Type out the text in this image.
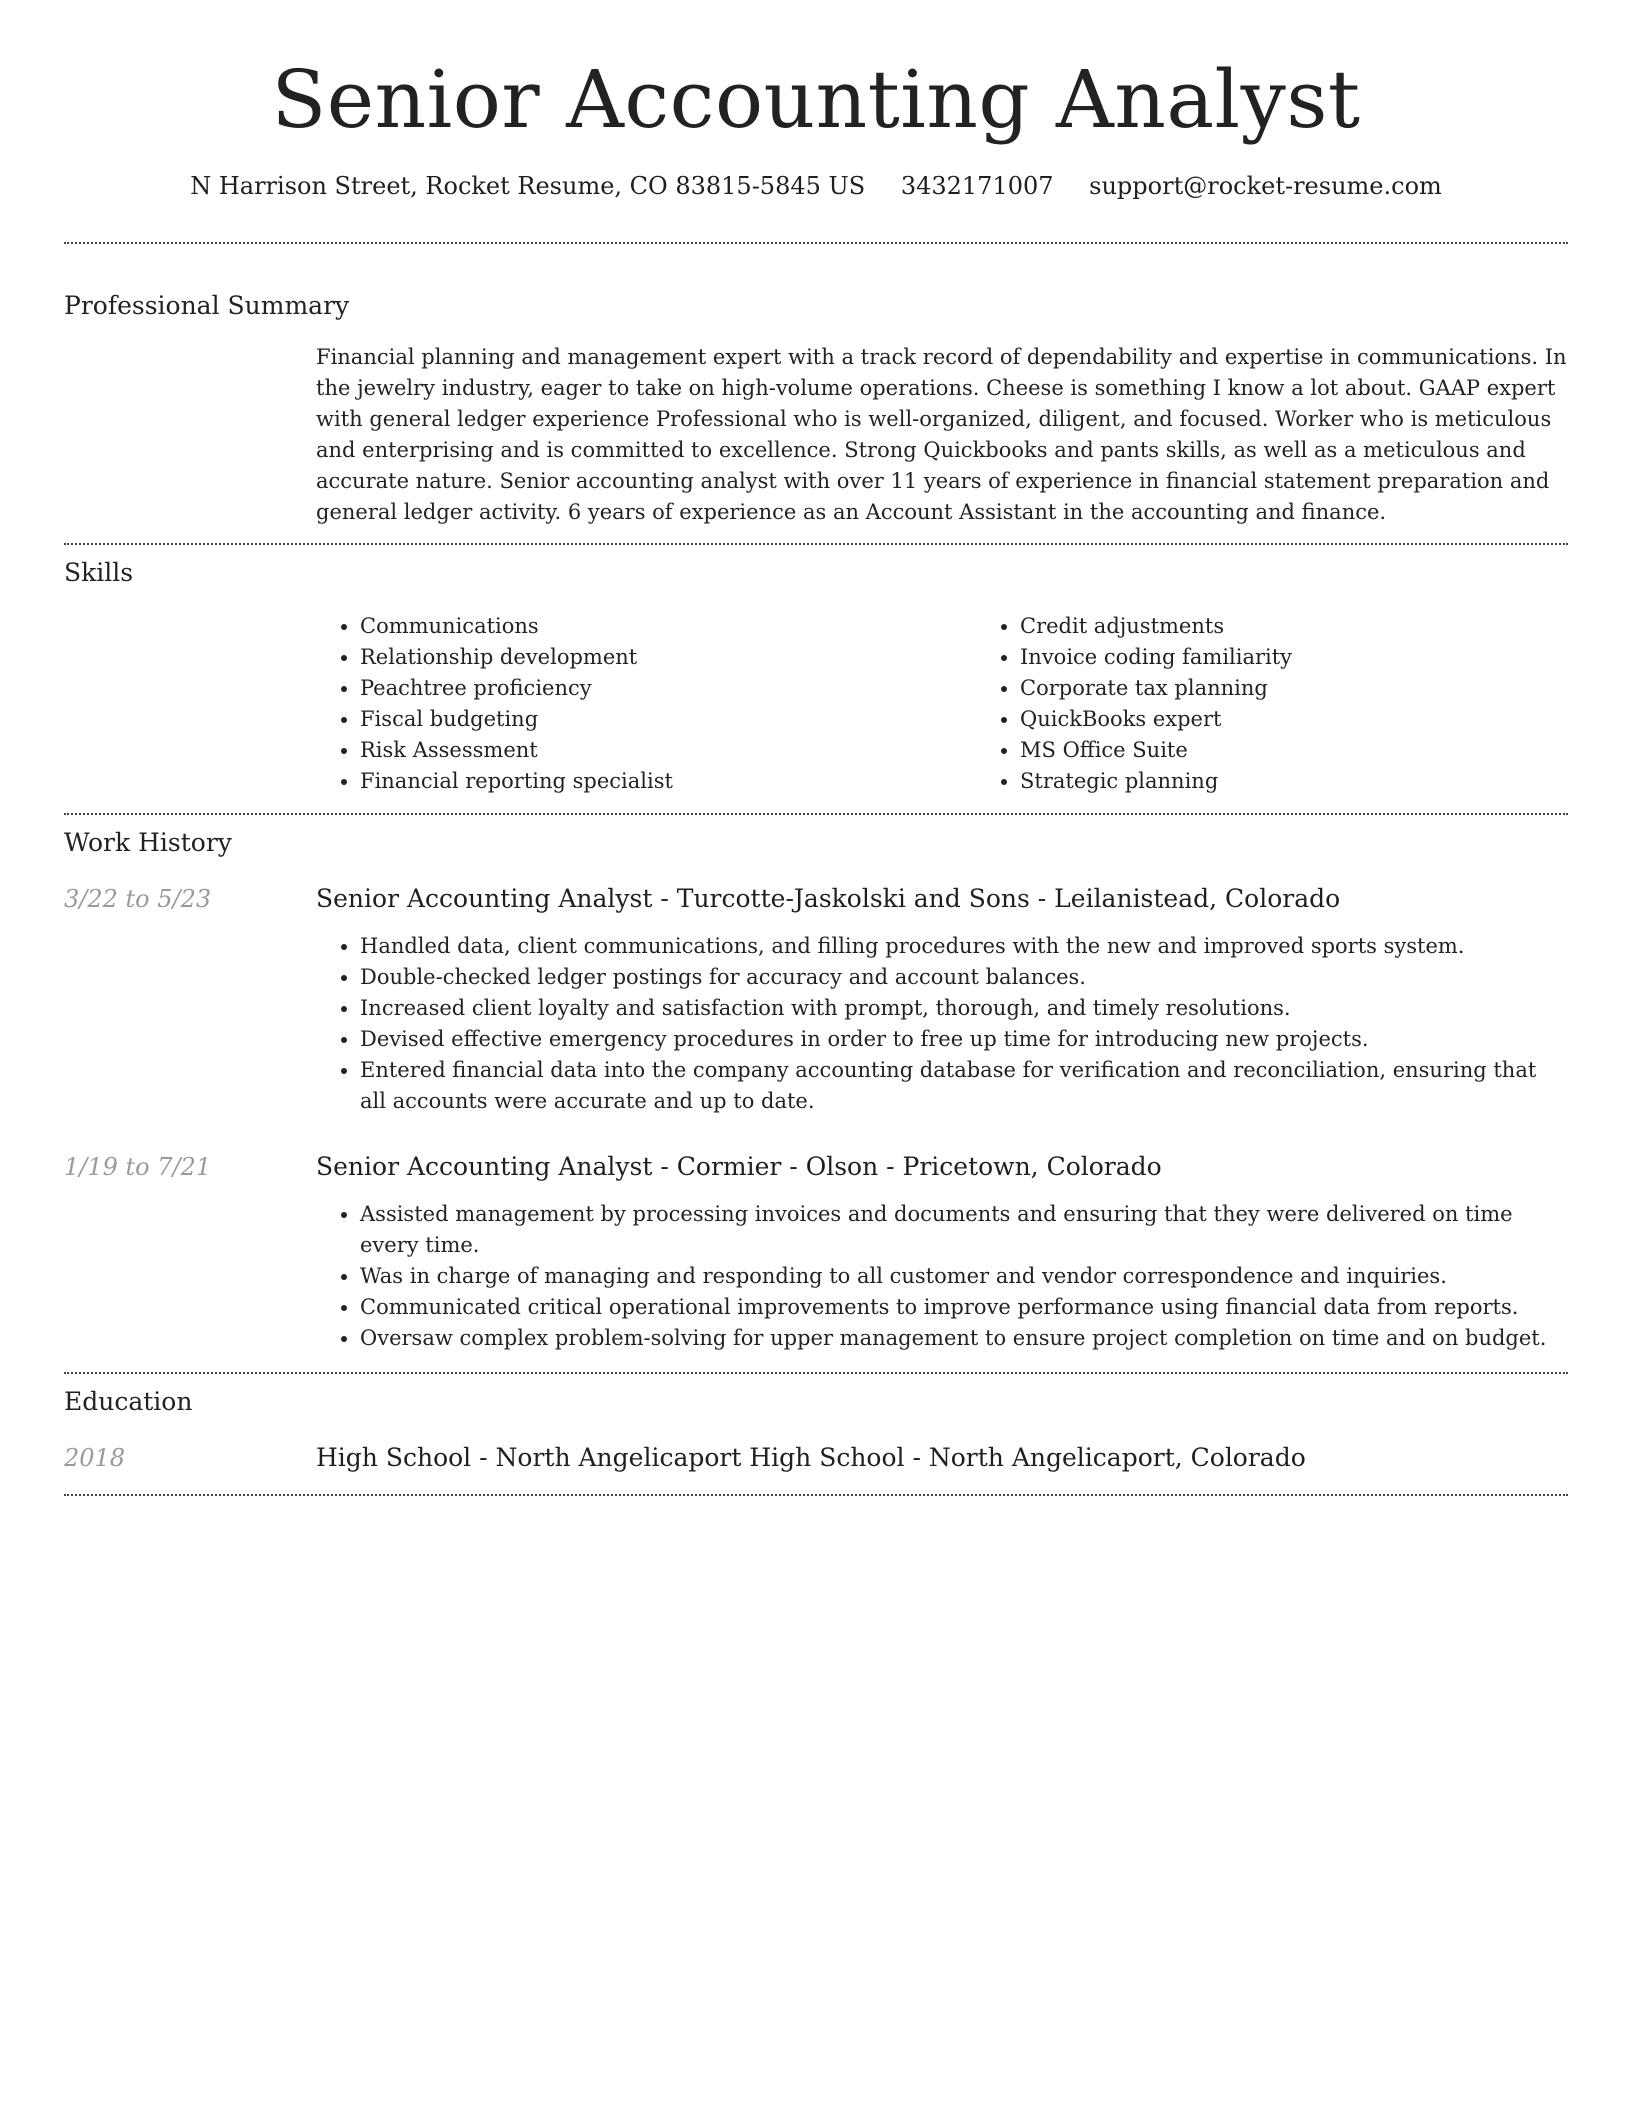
Senior Accounting Analyst
N Harrison Street, Rocket Resume, CO 83815-5845 US 3432171007 support@rocket-resume.com
Professional Summary

Financial planning and management expert with a track record of dependability and expertise in communications. In the jewelry industry, eager to take on high-volume operations. Cheese is something I know a lot about. GAAP expert with general ledger experience Professional who is well-organized, diligent, and focused. Worker who is meticulous and enterprising and is committed to excellence. Strong Quickbooks and pants skills, as well as a meticulous and accurate nature. Senior accounting analyst with over 11 years of experience in financial statement preparation and general ledger activity. 6 years of experience as an Account Assistant in the accounting and finance.

Skills
• Communications
• Relationship development
• Peachtree proficiency
• Fiscal budgeting
• Risk Assessment
• Financial reporting specialist
• Credit adjustments
• Invoice coding familiarity
• Corporate tax planning
• QuickBooks expert
• MS Office Suite
• Strategic planning
Work History
3/22 to 5/23	Senior Accounting Analyst - Turcotte-Jaskolski and Sons - Leilanistead, Colorado
• Handled data, client communications, and filling procedures with the new and improved sports system.
• Double-checked ledger postings for accuracy and account balances.
• Increased client loyalty and satisfaction with prompt, thorough, and timely resolutions.
• Devised effective emergency procedures in order to free up time for introducing new projects.
• Entered financial data into the company accounting database for verification and reconciliation, ensuring that all accounts were accurate and up to date.
1/19 to 7/21	Senior Accounting Analyst - Cormier - Olson - Pricetown, Colorado
• Assisted management by processing invoices and documents and ensuring that they were delivered on time every time.
• Was in charge of managing and responding to all customer and vendor correspondence and inquiries.
• Communicated critical operational improvements to improve performance using financial data from reports.
• Oversaw complex problem-solving for upper management to ensure project completion on time and on budget.
Education
2018	High School - North Angelicaport High School - North Angelicaport, Colorado
